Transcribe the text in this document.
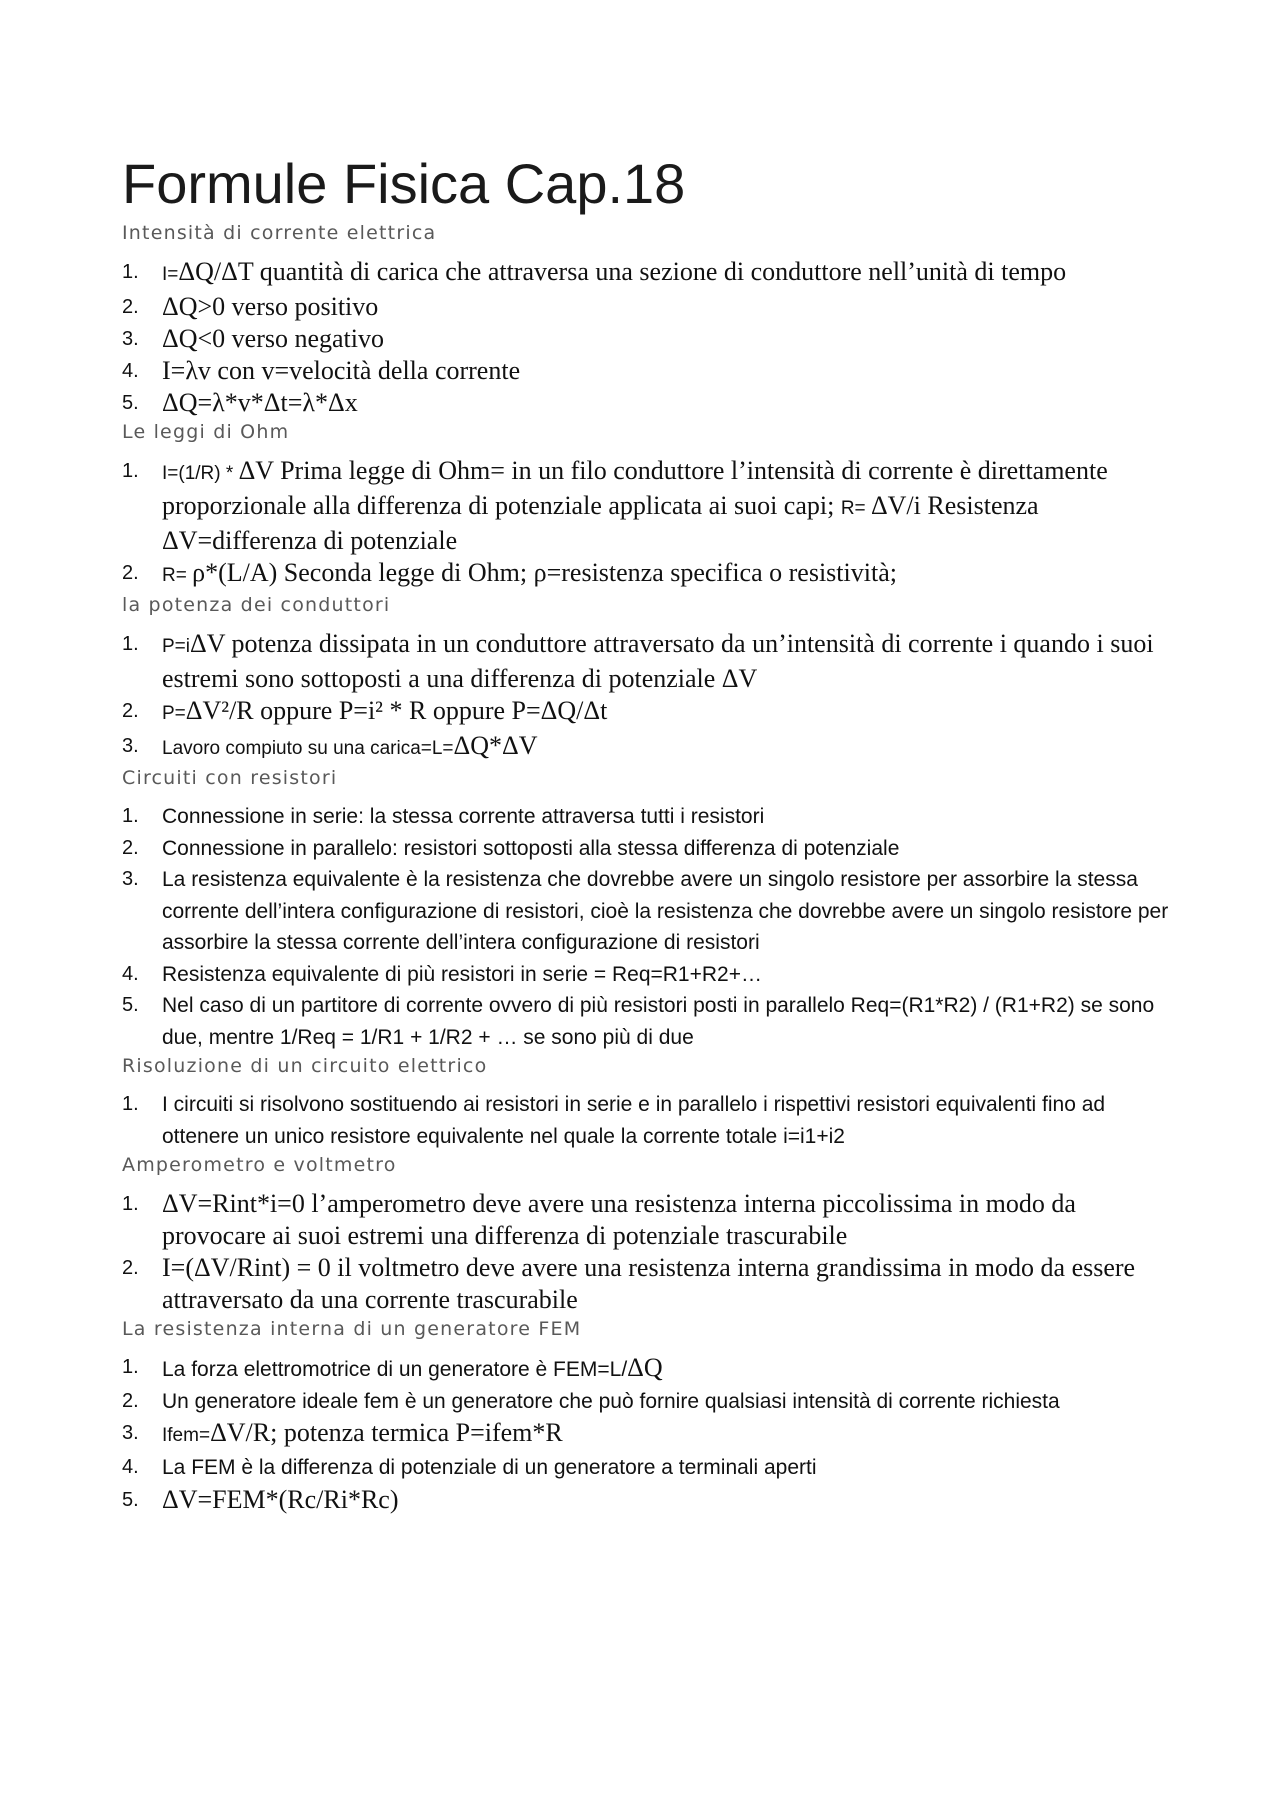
Formule Fisica Cap.18
Intensità di corrente elettrica
1.	I=ΔQ/ΔT quantità di carica che attraversa una sezione di conduttore nell’unità di tempo
2. ΔQ>0 verso positivo
3. ΔQ<0 verso negativo
4. I=λv con v=velocità della corrente
5. ΔQ=λ*v*Δt=λ*Δx
Le leggi di Ohm
1.	I=(1/R) * ΔV Prima legge di Ohm= in un filo conduttore l’intensità di corrente è direttamente proporzionale alla differenza di potenziale applicata ai suoi capi; R= ΔV/i Resistenza ΔV=differenza di potenziale
2.	R= ρ*(L/A) Seconda legge di Ohm; ρ=resistenza specifica o resistività;
la potenza dei conduttori
1.	P=iΔV potenza dissipata in un conduttore attraversato da un’intensità di corrente i quando i suoi estremi sono sottoposti a una differenza di potenziale ΔV
2.	P=ΔV²/R oppure P=i² * R oppure P=ΔQ/Δt
3.	Lavoro compiuto su una carica=L=ΔQ*ΔV
Circuiti con resistori
1.	Connessione in serie: la stessa corrente attraversa tutti i resistori
2.	Connessione in parallelo: resistori sottoposti alla stessa differenza di potenziale
3.	La resistenza equivalente è la resistenza che dovrebbe avere un singolo resistore per assorbire la stessa corrente dell’intera configurazione di resistori, cioè la resistenza che dovrebbe avere un singolo resistore per assorbire la stessa corrente dell’intera configurazione di resistori
4.	Resistenza equivalente di più resistori in serie = Req=R1+R2+…
5.	Nel caso di un partitore di corrente ovvero di più resistori posti in parallelo Req=(R1*R2) / (R1+R2) se sono due, mentre 1/Req = 1/R1 + 1/R2 + … se sono più di due
Risoluzione di un circuito elettrico
1.	I circuiti si risolvono sostituendo ai resistori in serie e in parallelo i rispettivi resistori equivalenti fino ad ottenere un unico resistore equivalente nel quale la corrente totale i=i1+i2
Amperometro e voltmetro
1. ΔV=Rint*i=0 l’amperometro deve avere una resistenza interna piccolissima in modo da provocare ai suoi estremi una differenza di potenziale trascurabile
2. I=(ΔV/Rint) = 0 il voltmetro deve avere una resistenza interna grandissima in modo da essere attraversato da una corrente trascurabile
La resistenza interna di un generatore FEM
1.	La forza elettromotrice di un generatore è FEM=L/ΔQ
2.	Un generatore ideale fem è un generatore che può fornire qualsiasi intensità di corrente richiesta
3.	Ifem=ΔV/R; potenza termica P=ifem*R
4.	La FEM è la differenza di potenziale di un generatore a terminali aperti
5. ΔV=FEM*(Rc/Ri*Rc)
